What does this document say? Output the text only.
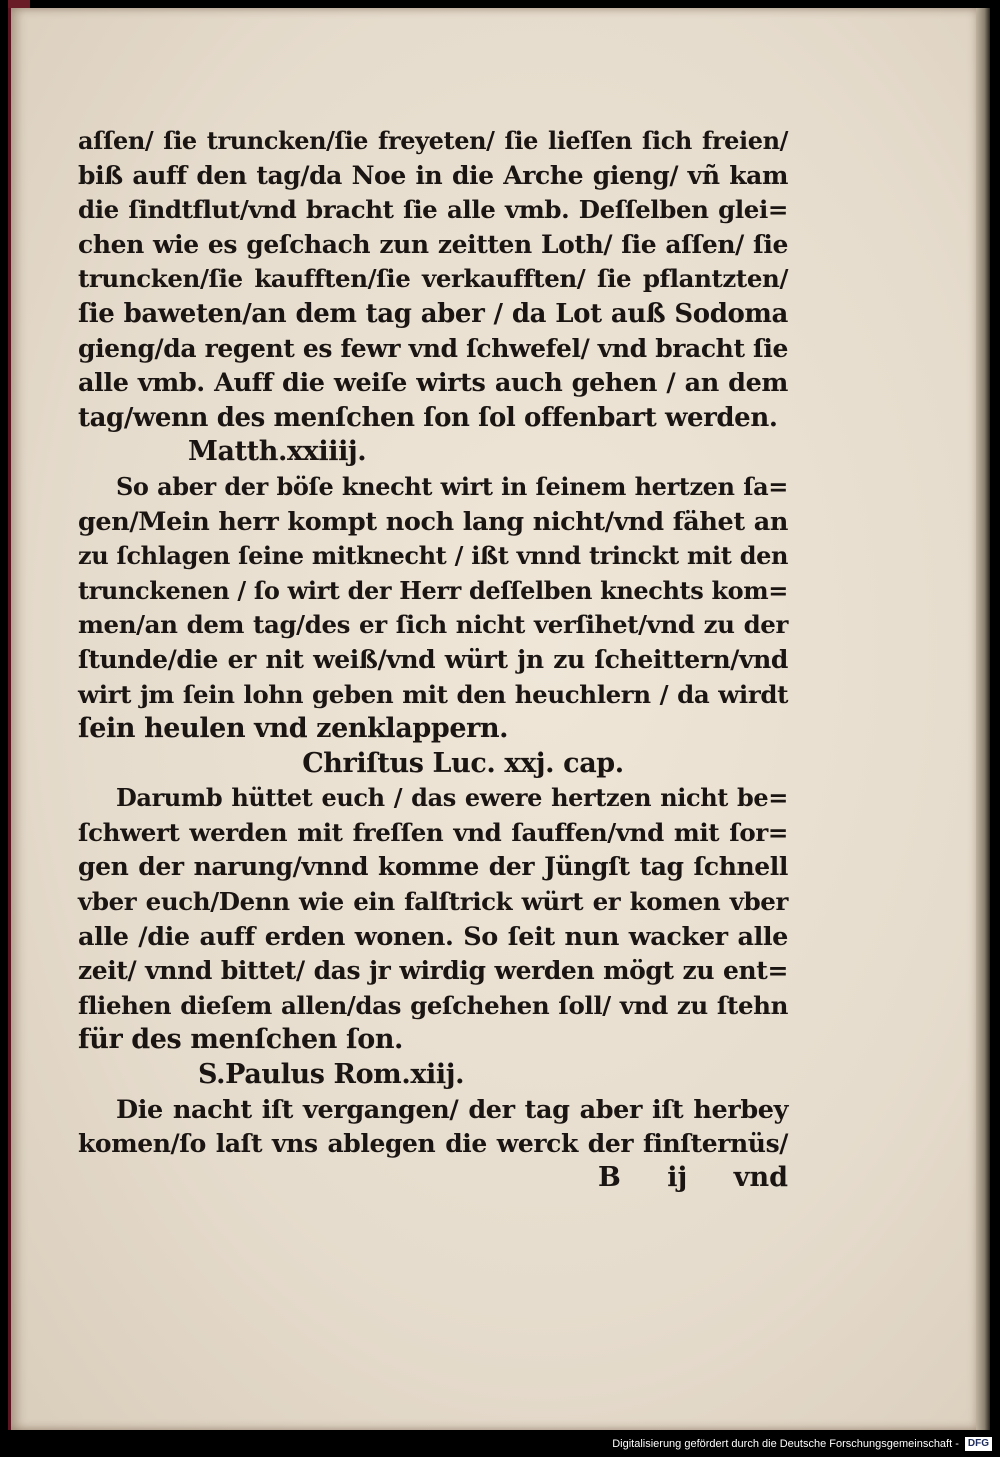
aſſen/ ſie truncken/ſie freyeten/ ſie lieſſen ſich freien/
biß auff den tag/da Noe in die Arche gieng/ vñ kam
die ſindtflut/vnd bracht ſie alle vmb. Deſſelben glei=
chen wie es geſchach zun zeitten Loth/ ſie aſſen/ ſie
truncken/ſie kaufften/ſie verkaufften/ ſie pflantzten/
ſie baweten/an dem tag aber / da Lot auß Sodoma
gieng/da regent es fewr vnd ſchwefel/ vnd bracht ſie
alle vmb. Auff die weiſe wirts auch gehen / an dem
tag/wenn des menſchen ſon ſol offenbart werden.
Matth.xxiiij.
So aber der böſe knecht wirt in ſeinem hertzen ſa=
gen/Mein herr kompt noch lang nicht/vnd fähet an
zu ſchlagen ſeine mitknecht / ißt vnnd trinckt mit den
trunckenen / ſo wirt der Herr deſſelben knechts kom=
men/an dem tag/des er ſich nicht verſihet/vnd zu der
ſtunde/die er nit weiß/vnd würt jn zu ſcheittern/vnd
wirt jm ſein lohn geben mit den heuchlern / da wirdt
ſein heulen vnd zenklappern.
Chriſtus Luc. xxj. cap.
Darumb hüttet euch / das ewere hertzen nicht be=
ſchwert werden mit freſſen vnd ſauffen/vnd mit ſor=
gen der narung/vnnd komme der Jüngſt tag ſchnell
vber euch/Denn wie ein falſtrick würt er komen vber
alle /die auff erden wonen. So ſeit nun wacker alle
zeit/ vnnd bittet/ das jr wirdig werden mögt zu ent=
fliehen dieſem allen/das geſchehen ſoll/ vnd zu ſtehn
für des menſchen ſon.
S.Paulus Rom.xiij.
Die nacht iſt vergangen/ der tag aber iſt herbey
komen/ſo laſt vns ablegen die werck der finſternüs/
B ij vnd
Digitalisierung gefördert durch die Deutsche Forschungsgemeinschaft - DFG
